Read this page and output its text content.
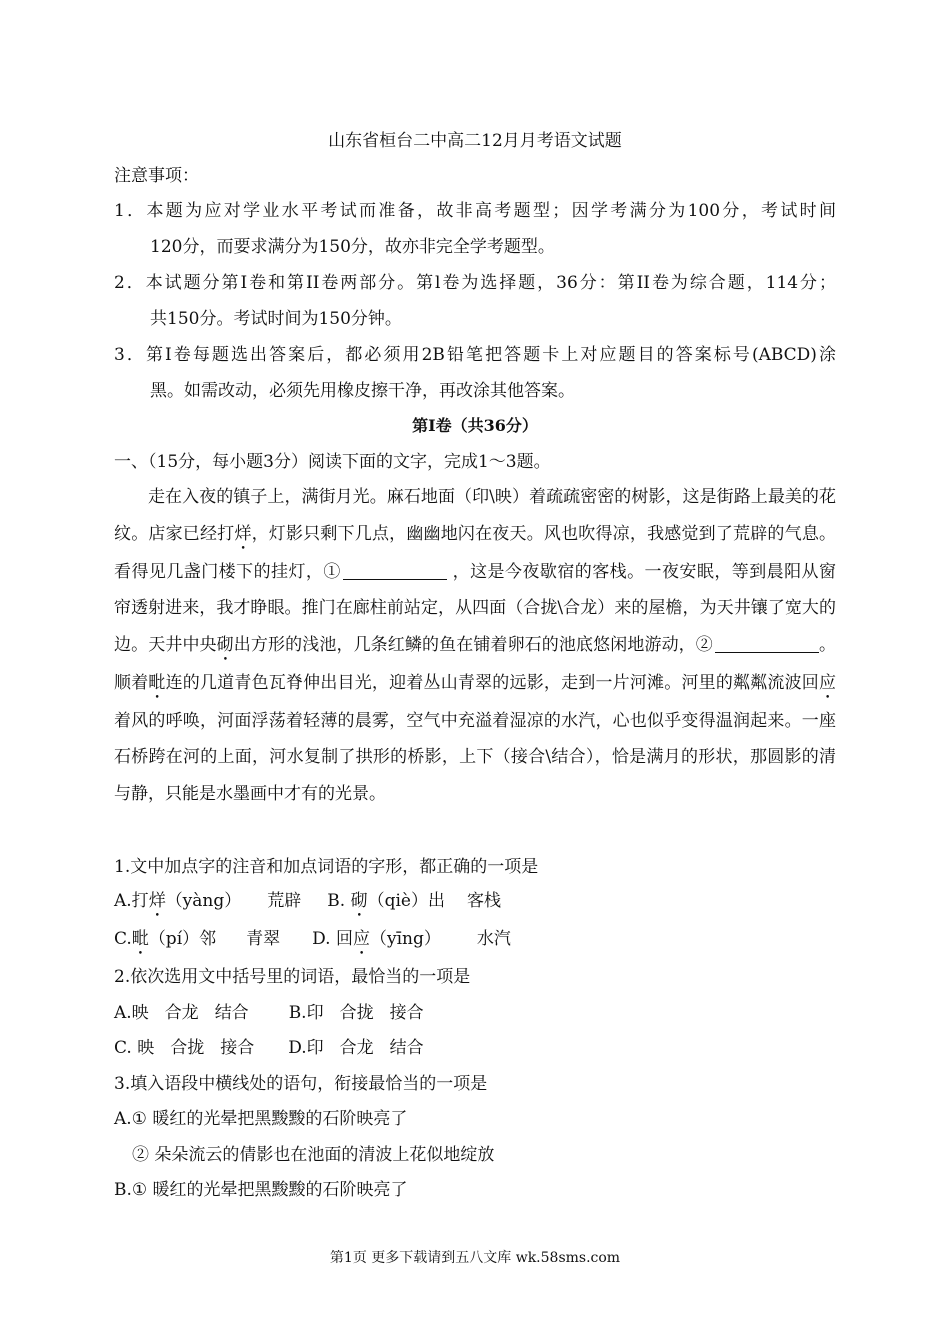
山东省桓台二中高二12月月考语文试题
注意事项：
1．本题为应对学业水平考试而准备，故非高考题型；因学考满分为100分，考试时间
120分，而要求满分为150分，故亦非完全学考题型。
2．本试题分第I卷和第II卷两部分。第l卷为选择题，36分：第II卷为综合题，114分；
共150分。考试时间为150分钟。
3．第I卷每题选出答案后，都必须用2B铅笔把答题卡上对应题目的答案标号(ABCD)涂
黑。如需改动，必须先用橡皮擦干净，再改涂其他答案。
第Ⅰ卷（共36分）
一、（15分，每小题3分）阅读下面的文字，完成1～3题。
走在入夜的镇子上，满街月光。麻石地面（印\映）着疏疏密密的树影，这是街路上最美的花纹。店家已经打烊，灯影只剩下几点，幽幽地闪在夜天。风也吹得凉，我感觉到了荒辟的气息。看得见几盏门楼下的挂灯，①	，这是今夜歇宿的客栈。一夜安眠，等到晨阳从窗帘透射进来，我才睁眼。推门在廊柱前站定，从四面（合拢\合龙）来的屋檐，为天井镶了宽大的边。天井中央砌出方形的浅池，几条红鳞的鱼在铺着卵石的池底悠闲地游动，②	。顺着毗连的几道青色瓦脊伸出目光，迎着丛山青翠的远影，走到一片河滩。河里的粼粼流波回应着风的呼唤，河面浮荡着轻薄的晨雾，空气中充溢着湿凉的水汽，心也似乎变得温润起来。一座石桥跨在河的上面，河水复制了拱形的桥影，上下（接合\结合），恰是满月的形状，那圆影的清与静，只能是水墨画中才有的光景。
1.文中加点字的注音和加点词语的字形，都正确的一项是
A.打烊（yàng） 荒辟 B. 砌（qiè）出 客栈
C.毗（pí）邻 青翠 D. 回应（yīng） 水汽
2.依次选用文中括号里的词语，最恰当的一项是
A.映 合龙 结合 B.印 合拢 接合
C. 映 合拢 接合 D.印 合龙 结合
3.填入语段中横线处的语句，衔接最恰当的一项是
A.① 暖红的光晕把黑黢黢的石阶映亮了
② 朵朵流云的倩影也在池面的清波上花似地绽放
B.① 暖红的光晕把黑黢黢的石阶映亮了
第1页 更多下载请到五八文库 wk.58sms.com
